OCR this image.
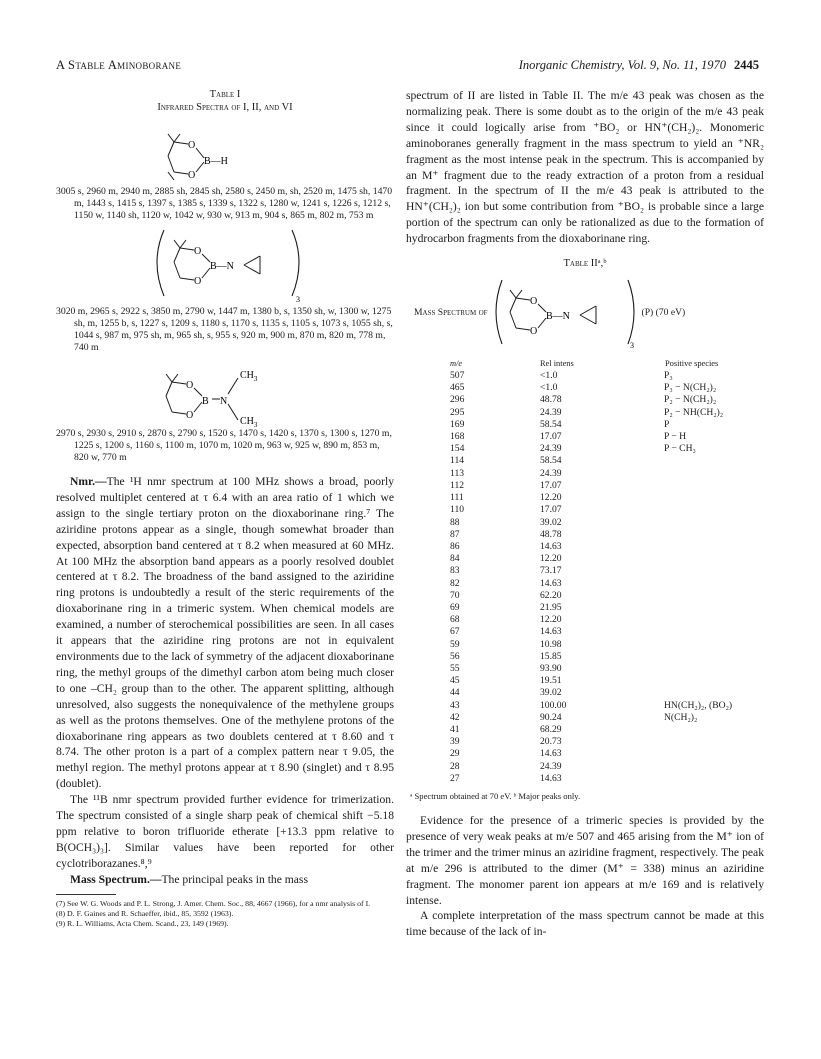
A Stable Aminoborane	Inorganic Chemistry, Vol. 9, No. 11, 1970 2445
Table I
Infrared Spectra of I, II, and VI
O
O
B—H

3005 s, 2960 m, 2940 m, 2885 sh, 2845 sh, 2580 s, 2450 m, sh, 2520 m, 1475 sh, 1470 m, 1443 s, 1415 s, 1397 s, 1385 s, 1339 s, 1322 s, 1280 w, 1241 s, 1226 s, 1212 s, 1150 w, 1140 sh, 1120 w, 1042 w, 930 w, 913 m, 904 s, 865 m, 802 m, 753 m

O
O
B—N
3

3020 m, 2965 s, 2922 s, 3850 m, 2790 w, 1447 m, 1380 b, s, 1350 sh, w, 1300 w, 1275 sh, m, 1255 b, s, 1227 s, 1209 s, 1180 s, 1170 s, 1135 s, 1105 s, 1073 s, 1055 sh, s, 1044 s, 987 m, 975 sh, m, 965 sh, s, 955 s, 920 m, 900 m, 870 m, 820 m, 778 m, 740 m

O
O
B N
$CH_3$
$CH_3$

2970 s, 2930 s, 2910 s, 2870 s, 2790 s, 1520 s, 1470 s, 1420 s, 1370 s, 1300 s, 1270 m, 1225 s, 1200 s, 1160 s, 1100 m, 1070 m, 1020 m, 963 w, 925 w, 890 m, 853 m, 820 w, 770 m

Nmr.—The ¹H nmr spectrum at 100 MHz shows a broad, poorly resolved multiplet centered at τ 6.4 with an area ratio of 1 which we assign to the single tertiary proton on the dioxaborinane ring.⁷ The aziridine protons appear as a single, though somewhat broader than expected, absorption band centered at τ 8.2 when measured at 60 MHz. At 100 MHz the absorption band appears as a poorly resolved doublet centered at τ 8.2. The broadness of the band assigned to the aziridine ring protons is undoubtedly a result of the steric requirements of the dioxaborinane ring in a trimeric system. When chemical models are examined, a number of sterochemical possibilities are seen. In all cases it appears that the aziridine ring protons are not in equivalent environments due to the lack of symmetry of the adjacent dioxaborinane ring, the methyl groups of the dimethyl carbon atom being much closer to one –CH₂ group than to the other. The apparent splitting, although unresolved, also suggests the nonequivalence of the methylene groups as well as the protons themselves. One of the methylene protons of the dioxaborinane ring appears as two doublets centered at τ 8.60 and τ 8.74. The other proton is a part of a complex pattern near τ 9.05, the methyl region. The methyl protons appear at τ 8.90 (singlet) and τ 8.95 (doublet).

The ¹¹B nmr spectrum provided further evidence for trimerization. The spectrum consisted of a single sharp peak of chemical shift −5.18 ppm relative to boron trifluoride etherate [+13.3 ppm relative to B(OCH₃)₃]. Similar values have been reported for other cyclotriborazanes.⁸,⁹

Mass Spectrum.—The principal peaks in the mass

(7) See W. G. Woods and P. L. Strong, J. Amer. Chem. Soc., 88, 4667 (1966), for a nmr analysis of I.

(8) D. F. Gaines and R. Schaeffer, ibid., 85, 3592 (1963).

(9) R. L. Williams, Acta Chem. Scand., 23, 149 (1969).

spectrum of II are listed in Table II. The m/e 43 peak was chosen as the normalizing peak. There is some doubt as to the origin of the m/e 43 peak since it could logically arise from ⁺BO₂ or HN⁺(CH₂)₂. Monomeric aminoboranes generally fragment in the mass spectrum to yield an ⁺NR₂ fragment as the most intense peak in the spectrum. This is accompanied by an M⁺ fragment due to the ready extraction of a proton from a residual fragment. In the spectrum of II the m/e 43 peak is attributed to the HN⁺(CH₂)₂ ion but some contribution from ⁺BO₂ is probable since a large portion of the spectrum can only be rationalized as due to the formation of hydrocarbon fragments from the dioxaborinane ring.

Table IIᵃ,ᵇ
Mass Spectrum of
O
O
B—N
3
(P) (70 eV)
m/e	Rel intens	Positive species
507	<1.0	P₃
465	<1.0	P₃ − N(CH₂)₂
296	48.78	P₂ − N(CH₂)₂
295	24.39	P₂ − NH(CH₂)₂
169	58.54	P
168	17.07	P − H
154	24.39	P − CH₃
114	58.54	
113	24.39	
112	17.07	
111	12.20	
110	17.07	
88	39.02	
87	48.78	
86	14.63	
84	12.20	
83	73.17	
82	14.63	
70	62.20	
69	21.95	
68	12.20	
67	14.63	
59	10.98	
56	15.85	
55	93.90	
45	19.51	
44	39.02	
43	100.00	HN(CH₂)₂, (BO₂)
42	90.24	N(CH₂)₂
41	68.29	
39	20.73	
29	14.63	
28	24.39	
27	14.63	
ᵃ Spectrum obtained at 70 eV. ᵇ Major peaks only.

Evidence for the presence of a trimeric species is provided by the presence of very weak peaks at m/e 507 and 465 arising from the M⁺ ion of the trimer and the trimer minus an aziridine fragment, respectively. The peak at m/e 296 is attributed to the dimer (M⁺ = 338) minus an aziridine fragment. The monomer parent ion appears at m/e 169 and is relatively intense.

A complete interpretation of the mass spectrum cannot be made at this time because of the lack of in-
